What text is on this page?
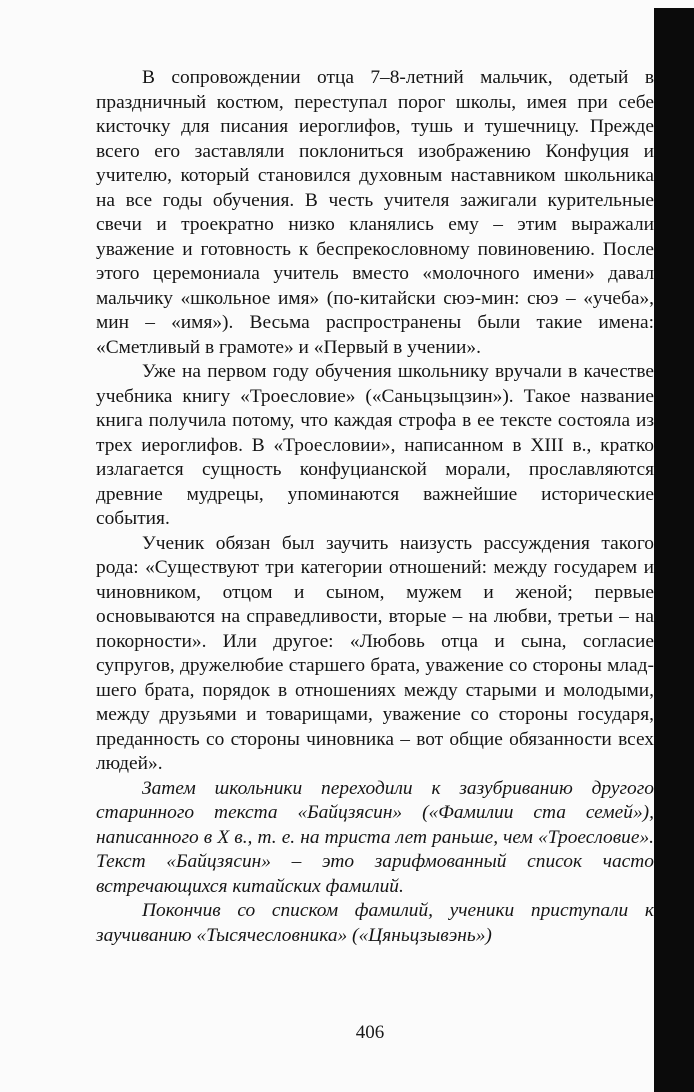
В сопровождении отца 7–8-летний мальчик, одетый в праздничный костюм, переступал порог школы, имея при себе кисточку для писания иероглифов, тушь и тушечницу. Прежде всего его заставляли поклониться изображению Конфуция и учителю, который становился духовным наставником школьника на все годы обучения. В честь учителя зажигали курительные свечи и троекратно низко кланялись ему – этим выражали уважение и готовность к беспрекословному повиновению. После этого церемониала учитель вместо «молочного имени» давал мальчику «школьное имя» (по-китайски сюэ-мин: сюэ – «учеба», мин – «имя»). Весьма распространены были такие имена: «Сметливый в грамоте» и «Первый в учении».

Уже на первом году обучения школьнику вручали в качестве учебника книгу «Троесловие» («Саньцзыцзин»). Такое название книга получила потому, что каждая строфа в ее тексте состояла из трех иероглифов. В «Троесловии», написанном в XIII в., кратко излагается сущность конфуцианской морали, прославляются древние мудрецы, упоминаются важнейшие исторические события.

Ученик обязан был заучить наизусть рассуждения такого рода: «Существуют три категории отношений: между государем и чиновником, отцом и сыном, мужем и женой; первые основываются на справедливости, вторые – на любви, третьи – на покорности». Или другое: «Любовь отца и сына, согласие супругов, дружелюбие старшего брата, уважение со стороны младшего брата, порядок в отношениях между старыми и молодыми, между друзьями и товарищами, уважение со стороны государя, преданность со стороны чиновника – вот общие обязанности всех людей».

Затем школьники переходили к зазубриванию другого старинного текста «Байцзясин» («Фамилии ста семей»), написанного в X в., т. е. на триста лет раньше, чем «Троесловие». Текст «Байцзясин» – это зарифмованный список часто встречающихся китайских фамилий.

Покончив со списком фамилий, ученики приступали к заучиванию «Тысячесловника» («Цяньцзывэнь»)

406
